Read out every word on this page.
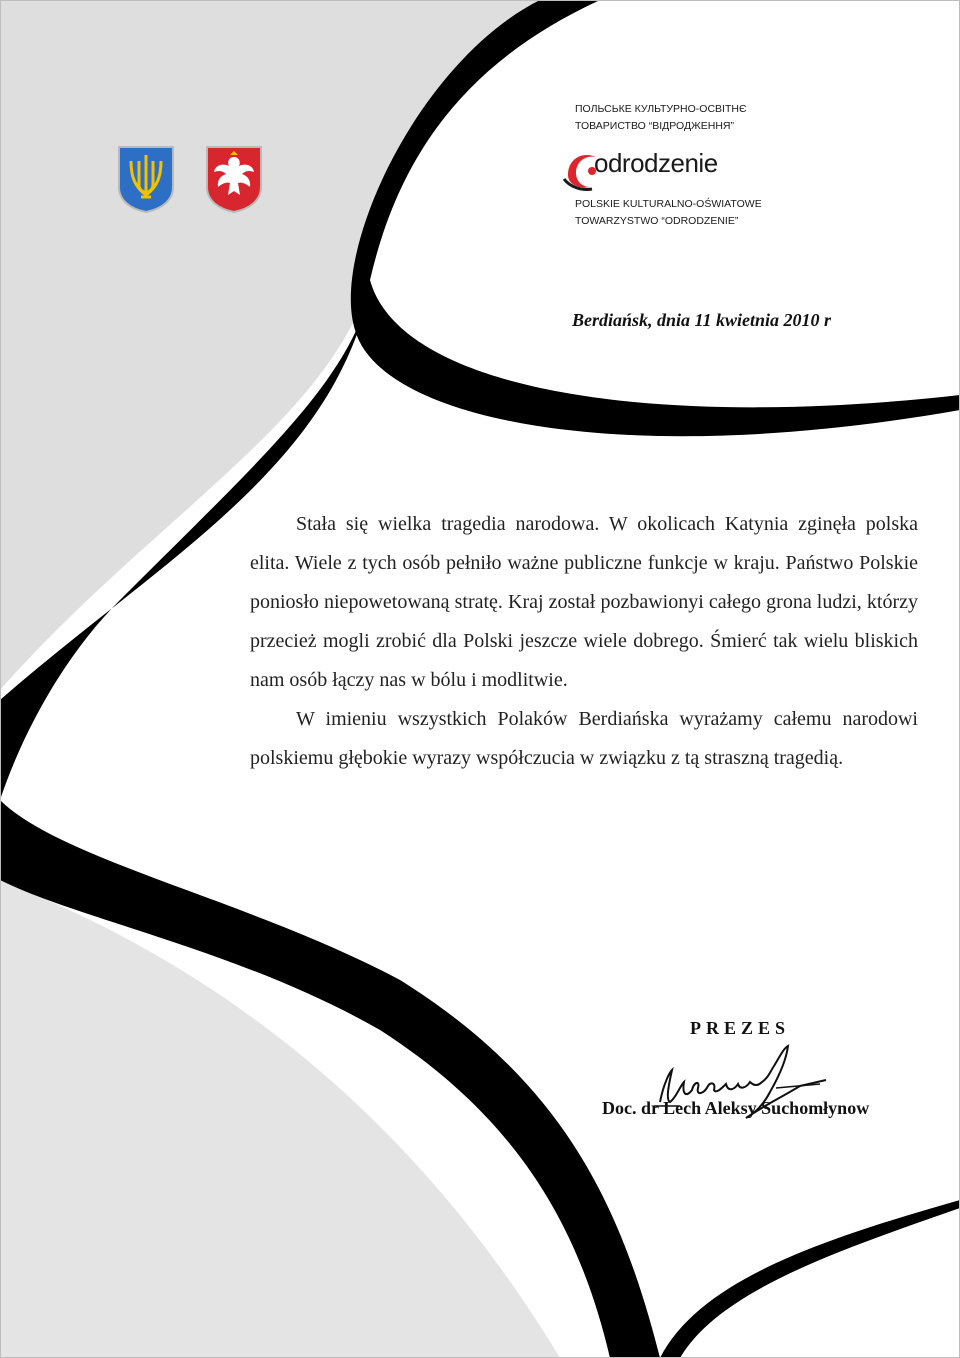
ПОЛЬСЬКЕ КУЛЬТУРНО-ОСВІТНЄ
ТОВАРИСТВО “ВІДРОДЖЕННЯ”
odrodzenie
POLSKIE KULTURALNO-OŚWIATOWE
TOWARZYSTWO “ODRODZENIE”
Berdiańsk, dnia 11 kwietnia 2010 r

Stała się wielka tragedia narodowa. W okolicach Katynia zginęła polska elita. Wiele z tych osób pełniło ważne publiczne funkcje w kraju. Państwo Polskie poniosło niepowetowaną stratę. Kraj został pozbawionyi całego grona ludzi, którzy przecież mogli zrobić dla Polski jeszcze wiele dobrego. Śmierć tak wielu bliskich nam osób łączy nas w bólu i modlitwie.

W imieniu wszystkich Polaków Berdiańska wyrażamy całemu narodowi polskiemu głębokie wyrazy współczucia w związku z tą straszną tragedią.

PREZES
Doc. dr Lech Aleksy Suchomłynow
